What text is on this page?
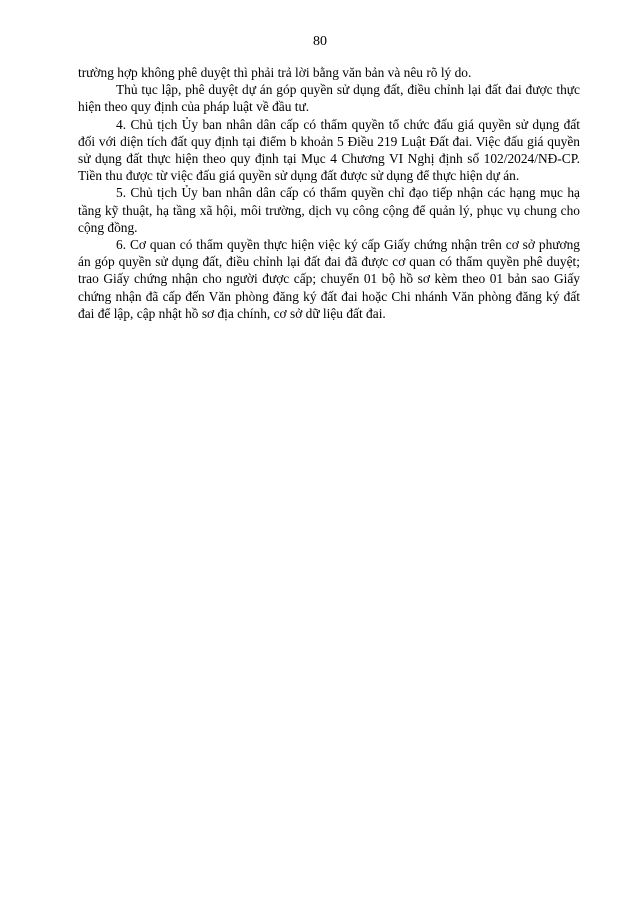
80

trường hợp không phê duyệt thì phải trả lời bằng văn bản và nêu rõ lý do.

Thủ tục lập, phê duyệt dự án góp quyền sử dụng đất, điều chỉnh lại đất đai được thực hiện theo quy định của pháp luật về đầu tư.

4. Chủ tịch Ủy ban nhân dân cấp có thẩm quyền tổ chức đấu giá quyền sử dụng đất đối với diện tích đất quy định tại điểm b khoản 5 Điều 219 Luật Đất đai. Việc đấu giá quyền sử dụng đất thực hiện theo quy định tại Mục 4 Chương VI Nghị định số 102/2024/NĐ-CP. Tiền thu được từ việc đấu giá quyền sử dụng đất được sử dụng để thực hiện dự án.

5. Chủ tịch Ủy ban nhân dân cấp có thẩm quyền chỉ đạo tiếp nhận các hạng mục hạ tầng kỹ thuật, hạ tầng xã hội, môi trường, dịch vụ công cộng để quản lý, phục vụ chung cho cộng đồng.

6. Cơ quan có thẩm quyền thực hiện việc ký cấp Giấy chứng nhận trên cơ sở phương án góp quyền sử dụng đất, điều chỉnh lại đất đai đã được cơ quan có thẩm quyền phê duyệt; trao Giấy chứng nhận cho người được cấp; chuyển 01 bộ hồ sơ kèm theo 01 bản sao Giấy chứng nhận đã cấp đến Văn phòng đăng ký đất đai hoặc Chi nhánh Văn phòng đăng ký đất đai để lập, cập nhật hồ sơ địa chính, cơ sở dữ liệu đất đai.
